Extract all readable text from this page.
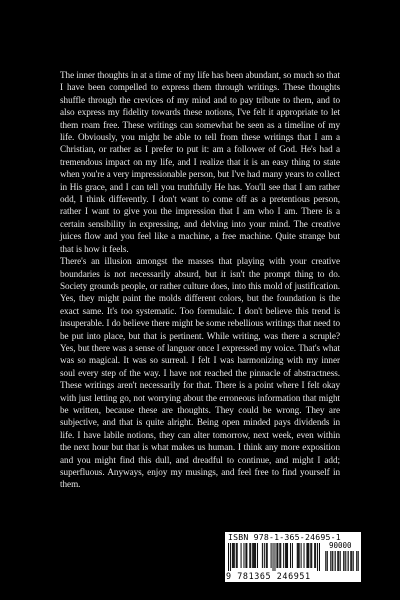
The inner thoughts in at a time of my life has been abundant, so much so that I have been compelled to express them through writings. These thoughts shuffle through the crevices of my mind and to pay tribute to them, and to also express my fidelity towards these notions, I've felt it appropriate to let them roam free. These writings can somewhat be seen as a timeline of my life. Obviously, you might be able to tell from these writings that I am a Christian, or rather as I prefer to put it: am a follower of God. He's had a tremendous impact on my life, and I realize that it is an easy thing to state when you're a very impressionable person, but I've had many years to collect in His grace, and I can tell you truthfully He has. You'll see that I am rather odd, I think differently. I don't want to come off as a pretentious person, rather I want to give you the impression that I am who I am. There is a certain sensibility in expressing, and delving into your mind. The creative juices flow and you feel like a machine, a free machine. Quite strange but that is how it feels.

There's an illusion amongst the masses that playing with your creative boundaries is not necessarily absurd, but it isn't the prompt thing to do. Society grounds people, or rather culture does, into this mold of justification. Yes, they might paint the molds different colors, but the foundation is the exact same. It's too systematic. Too formulaic. I don't believe this trend is insuperable. I do believe there might be some rebellious writings that need to be put into place, but that is pertinent. While writing, was there a scruple? Yes, but there was a sense of languor once I expressed my voice. That's what was so magical. It was so surreal. I felt I was harmonizing with my inner soul every step of the way. I have not reached the pinnacle of abstractness. These writings aren't necessarily for that. There is a point where I felt okay with just letting go, not worrying about the erroneous information that might be written, because these are thoughts. They could be wrong. They are subjective, and that is quite alright. Being open minded pays dividends in life. I have labile notions, they can alter tomorrow, next week, even within the next hour but that is what makes us human. I think any more exposition and you might find this dull, and dreadful to continue, and might I add; superfluous. Anyways, enjoy my musings, and feel free to find yourself in them.

ISBN 978-1-365-24695-1
90000
9 781365 246951
